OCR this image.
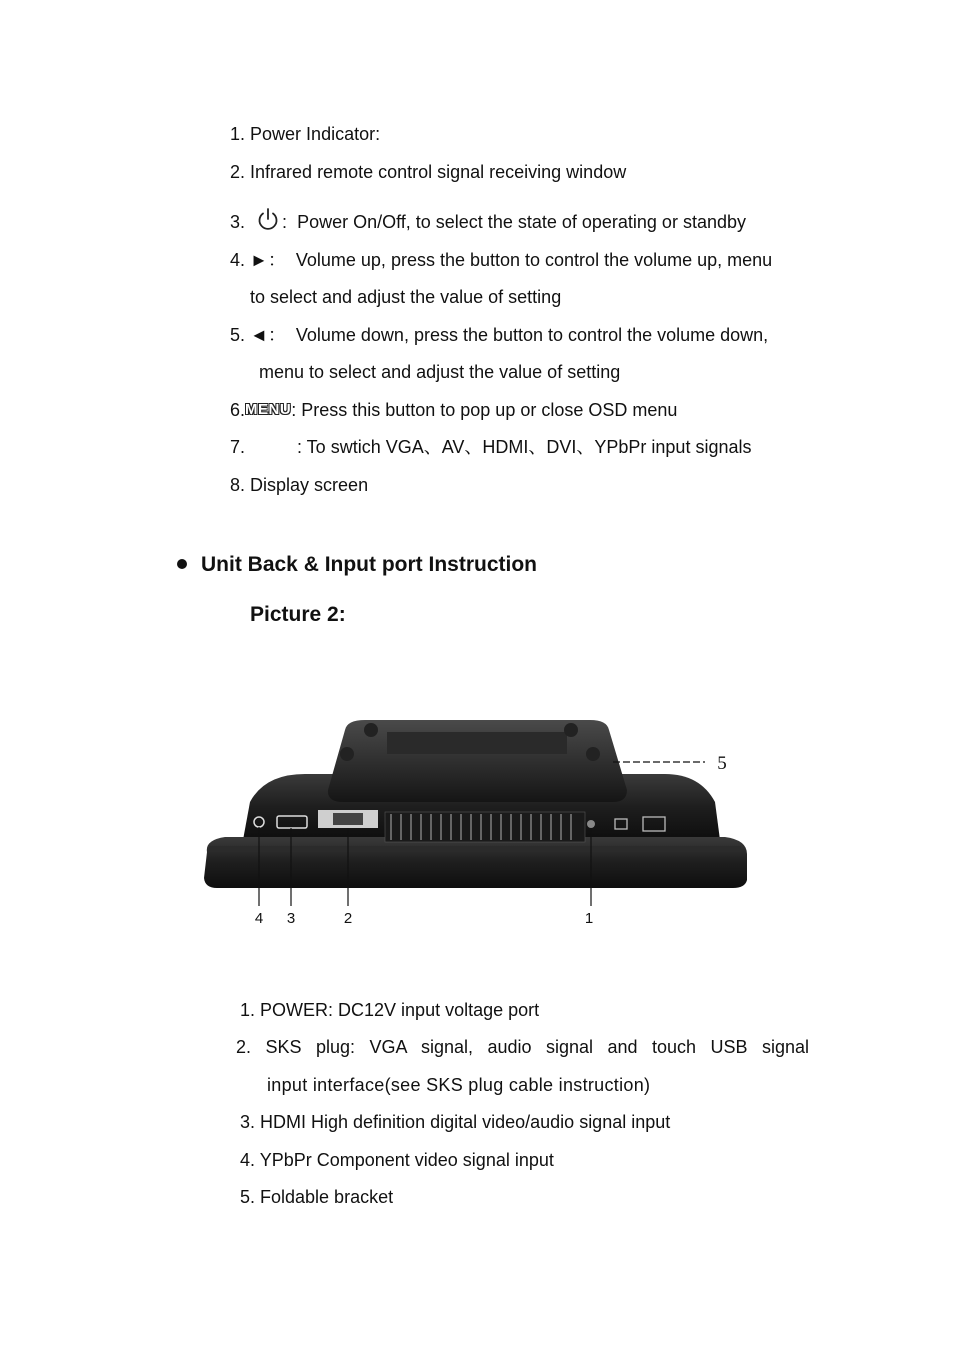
1. Power Indicator:
2. Infrared remote control signal receiving window
3. : Power On/Off, to select the state of operating or standby
4. ►： Volume up, press the button to control the volume up, menu
to select and adjust the value of setting
5. ◄： Volume down, press the button to control the volume down,
menu to select and adjust the value of setting
6.MENU: Press this button to pop up or close OSD menu
7.	: To swtich VGA、AV、HDMI、DVI、YPbPr input signals
8. Display screen
Unit Back & Input port Instruction
Picture 2:
4 3	2	1
5
1. POWER: DC12V input voltage port
2. SKS plug: VGA signal, audio signal and touch USB signal
input interface(see SKS plug cable instruction)
3. HDMI High definition digital video/audio signal input
4. YPbPr Component video signal input
5. Foldable bracket
